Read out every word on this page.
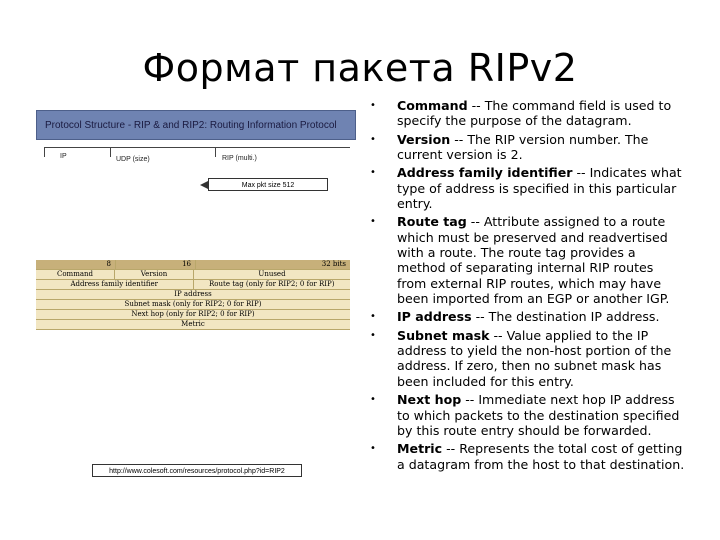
Формат пакета RIPv2
Protocol Structure - RIP & and RIP2: Routing Information Protocol
IP	UDP (size)	RIP (multi.)
Max pkt size 512
8	16	32 bits
Command	Version	Unused
Address family identifier	Route tag (only for RIP2; 0 for RIP)
IP address
Subnet mask (only for RIP2; 0 for RIP)
Next hop (only for RIP2; 0 for RIP)
Metric
http://www.colesoft.com/resources/protocol.php?id=RIP2
• Command -- The command field is used to specify the purpose of the datagram.
• Version -- The RIP version number. The current version is 2.
• Address family identifier -- Indicates what type of address is specified in this particular entry.
• Route tag -- Attribute assigned to a route which must be preserved and readvertised with a route. The route tag provides a method of separating internal RIP routes from external RIP routes, which may have been imported from an EGP or another IGP.
• IP address -- The destination IP address.
• Subnet mask -- Value applied to the IP address to yield the non-host portion of the address. If zero, then no subnet mask has been included for this entry.
• Next hop -- Immediate next hop IP address to which packets to the destination specified by this route entry should be forwarded.
• Metric -- Represents the total cost of getting a datagram from the host to that destination.
